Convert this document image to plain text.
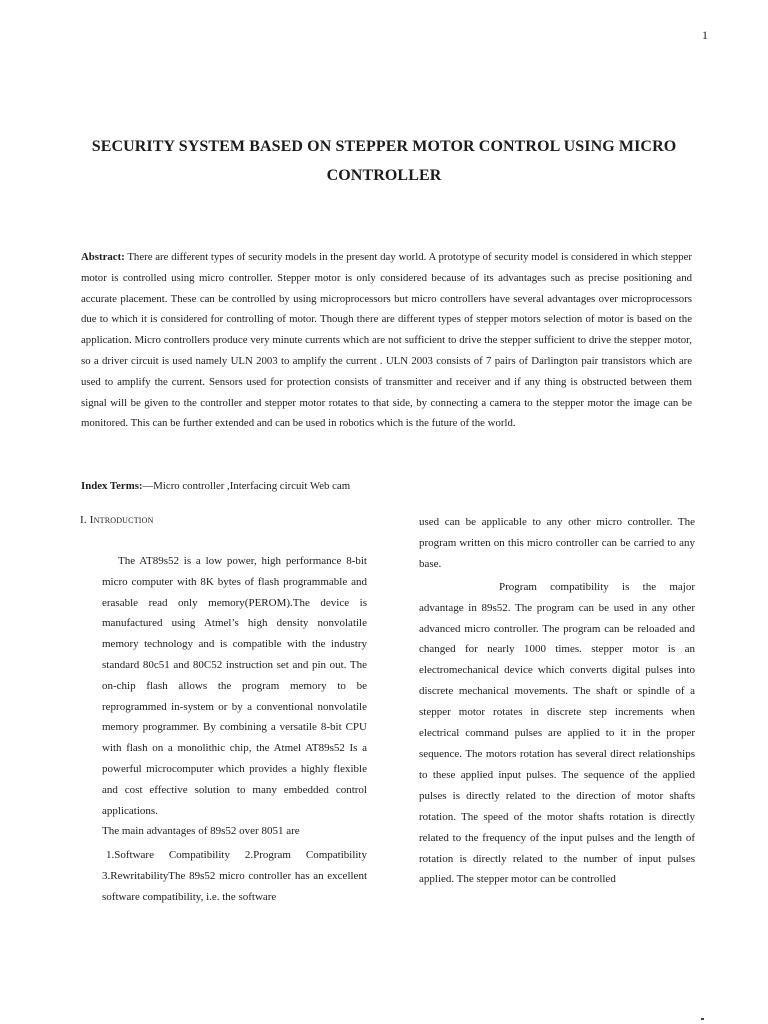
1
SECURITY SYSTEM BASED ON STEPPER MOTOR CONTROL USING MICRO
CONTROLLER
Abstract: There are different types of security models in the present day world. A prototype of security model is considered in which stepper motor is controlled using micro controller. Stepper motor is only considered because of its advantages such as precise positioning and accurate placement. These can be controlled by using microprocessors but micro controllers have several advantages over microprocessors due to which it is considered for controlling of motor. Though there are different types of stepper motors selection of motor is based on the application. Micro controllers produce very minute currents which are not sufficient to drive the stepper sufficient to drive the stepper motor, so a driver circuit is used namely ULN 2003 to amplify the current . ULN 2003 consists of 7 pairs of Darlington pair transistors which are used to amplify the current. Sensors used for protection consists of transmitter and receiver and if any thing is obstructed between them signal will be given to the controller and stepper motor rotates to that side, by connecting a camera to the stepper motor the image can be monitored. This can be further extended and can be used in robotics which is the future of the world.
Index Terms:—Micro controller ,Interfacing circuit Web cam
I. Introduction

The AT89s52 is a low power, high performance 8-bit micro computer with 8K bytes of flash programmable and erasable read only memory(PEROM).The device is manufactured using Atmel’s high density nonvolatile memory technology and is compatible with the industry standard 80c51 and 80C52 instruction set and pin out. The on-chip flash allows the program memory to be reprogrammed in-system or by a conventional nonvolatile memory programmer. By combining a versatile 8-bit CPU with flash on a monolithic chip, the Atmel AT89s52 Is a powerful microcomputer which provides a highly flexible and cost effective solution to many embedded control applications.

The main advantages of 89s52 over 8051 are

1.Software Compatibility 2.Program Compatibility 3.RewritabilityThe 89s52 micro controller has an excellent software compatibility, i.e. the software

used can be applicable to any other micro controller. The program written on this micro controller can be carried to any base.

Program compatibility is the major advantage in 89s52. The program can be used in any other advanced micro controller. The program can be reloaded and changed for nearly 1000 times. stepper motor is an electromechanical device which converts digital pulses into discrete mechanical movements. The shaft or spindle of a stepper motor rotates in discrete step increments when electrical command pulses are applied to it in the proper sequence. The motors rotation has several direct relationships to these applied input pulses. The sequence of the applied pulses is directly related to the direction of motor shafts rotation. The speed of the motor shafts rotation is directly related to the frequency of the input pulses and the length of rotation is directly related to the number of input pulses applied. The stepper motor can be controlled
